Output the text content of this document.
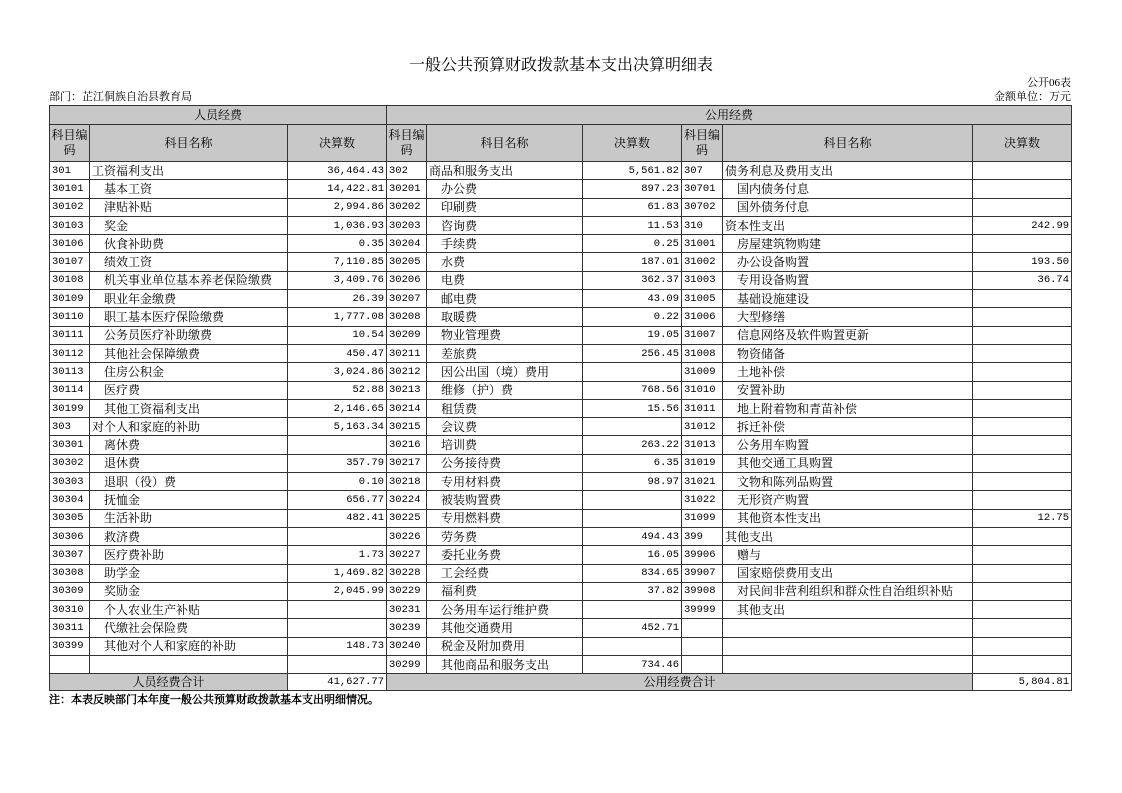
一般公共预算财政拨款基本支出决算明细表
公开06表
部门：芷江侗族自治县教育局	金额单位：万元
人员经费			公用经费					
科目编码	科目名称	决算数	科目编码	科目名称	决算数	科目编码	科目名称	决算数
301	工资福利支出	36,464.43	302	商品和服务支出	5,561.82	307	债务利息及费用支出	
30101	基本工资	14,422.81	30201	办公费	897.23	30701	国内债务付息	
30102	津贴补贴	2,994.86	30202	印刷费	61.83	30702	国外债务付息	
30103	奖金	1,036.93	30203	咨询费	11.53	310	资本性支出	242.99
30106	伙食补助费	0.35	30204	手续费	0.25	31001	房屋建筑物购建	
30107	绩效工资	7,110.85	30205	水费	187.01	31002	办公设备购置	193.50
30108	机关事业单位基本养老保险缴费	3,409.76	30206	电费	362.37	31003	专用设备购置	36.74
30109	职业年金缴费	26.39	30207	邮电费	43.09	31005	基础设施建设	
30110	职工基本医疗保险缴费	1,777.08	30208	取暖费	0.22	31006	大型修缮	
30111	公务员医疗补助缴费	10.54	30209	物业管理费	19.05	31007	信息网络及软件购置更新	
30112	其他社会保障缴费	450.47	30211	差旅费	256.45	31008	物资储备	
30113	住房公积金	3,024.86	30212	因公出国（境）费用		31009	土地补偿	
30114	医疗费	52.88	30213	维修（护）费	768.56	31010	安置补助	
30199	其他工资福利支出	2,146.65	30214	租赁费	15.56	31011	地上附着物和青苗补偿	
303	对个人和家庭的补助	5,163.34	30215	会议费		31012	拆迁补偿	
30301	离休费		30216	培训费	263.22	31013	公务用车购置	
30302	退休费	357.79	30217	公务接待费	6.35	31019	其他交通工具购置	
30303	退职（役）费	0.10	30218	专用材料费	98.97	31021	文物和陈列品购置	
30304	抚恤金	656.77	30224	被装购置费		31022	无形资产购置	
30305	生活补助	482.41	30225	专用燃料费		31099	其他资本性支出	12.75
30306	救济费		30226	劳务费	494.43	399	其他支出	
30307	医疗费补助	1.73	30227	委托业务费	16.05	39906	赠与	
30308	助学金	1,469.82	30228	工会经费	834.65	39907	国家赔偿费用支出	
30309	奖励金	2,045.99	30229	福利费	37.82	39908	对民间非营利组织和群众性自治组织补贴	
30310	个人农业生产补贴		30231	公务用车运行维护费		39999	其他支出	
30311	代缴社会保险费		30239	其他交通费用	452.71			
30399	其他对个人和家庭的补助	148.73	30240	税金及附加费用				
			30299	其他商品和服务支出	734.46			
人员经费合计		41,627.77	公用经费合计					5,804.81
注：本表反映部门本年度一般公共预算财政拨款基本支出明细情况。
